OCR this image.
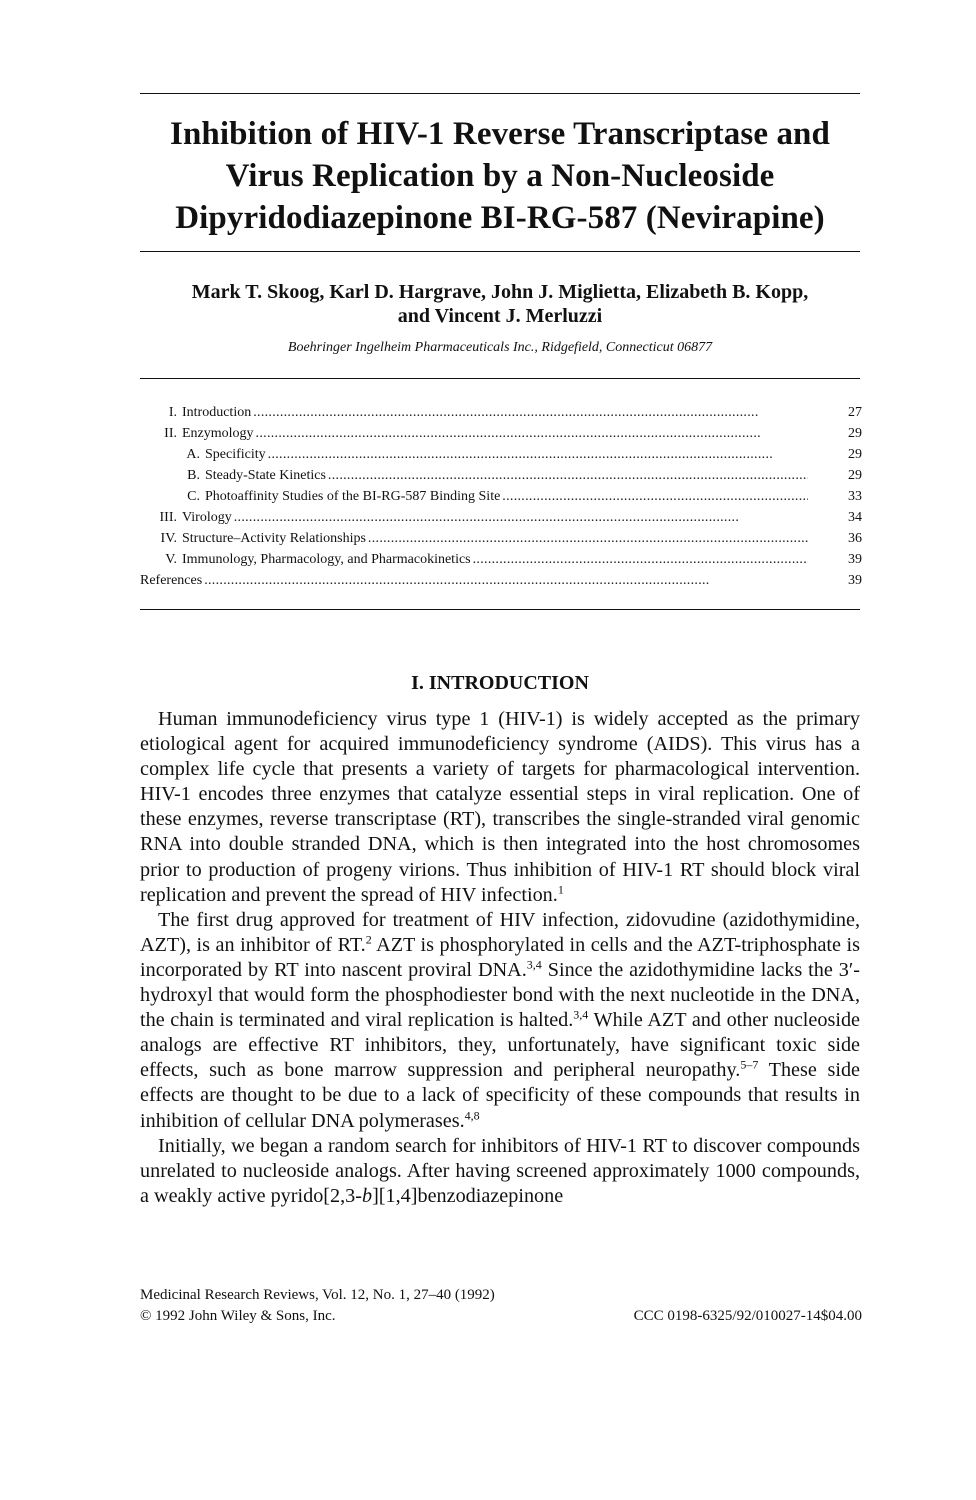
Inhibition of HIV-1 Reverse Transcriptase and
Virus Replication by a Non-Nucleoside
Dipyridodiazepinone BI-RG-587 (Nevirapine)
Mark T. Skoog, Karl D. Hargrave, John J. Miglietta, Elizabeth B. Kopp,
and Vincent J. Merluzzi
Boehringer Ingelheim Pharmaceuticals Inc., Ridgefield, Connecticut 06877
I. Introduction . . .	27
II. Enzymology . . .	29
A. Specificity . . .	29
B. Steady-State Kinetics . . .	29
C. Photoaffinity Studies of the BI-RG-587 Binding Site . . .	33
III. Virology . . .	34
IV. Structure–Activity Relationships . . .	36
V. Immunology, Pharmacology, and Pharmacokinetics . . .	39
References . . .	39
I. INTRODUCTION

Human immunodeficiency virus type 1 (HIV-1) is widely accepted as the primary etiological agent for acquired immunodeficiency syndrome (AIDS). This virus has a complex life cycle that presents a variety of targets for pharmacological intervention. HIV-1 encodes three enzymes that catalyze essential steps in viral replication. One of these enzymes, reverse transcriptase (RT), transcribes the single-stranded viral genomic RNA into double stranded DNA, which is then integrated into the host chromosomes prior to production of progeny virions. Thus inhibition of HIV-1 RT should block viral replication and prevent the spread of HIV infection.$^1$

The first drug approved for treatment of HIV infection, zidovudine (azidothymidine, AZT), is an inhibitor of RT.$^2$ AZT is phosphorylated in cells and the AZT-triphosphate is incorporated by RT into nascent proviral DNA.$^{3,4}$ Since the azidothymidine lacks the 3′-hydroxyl that would form the phosphodiester bond with the next nucleotide in the DNA, the chain is terminated and viral replication is halted.$^{3,4}$ While AZT and other nucleoside analogs are effective RT inhibitors, they, unfortunately, have significant toxic side effects, such as bone marrow suppression and peripheral neuropathy.$^{5-7}$ These side effects are thought to be due to a lack of specificity of these compounds that results in inhibition of cellular DNA polymerases.$^{4,8}$

Initially, we began a random search for inhibitors of HIV-1 RT to discover compounds unrelated to nucleoside analogs. After having screened approximately 1000 compounds, a weakly active pyrido[2,3-b][1,4]benzodiazepinone

Medicinal Research Reviews, Vol. 12, No. 1, 27–40 (1992)
© 1992 John Wiley & Sons, Inc.	CCC 0198-6325/92/010027-14$04.00
